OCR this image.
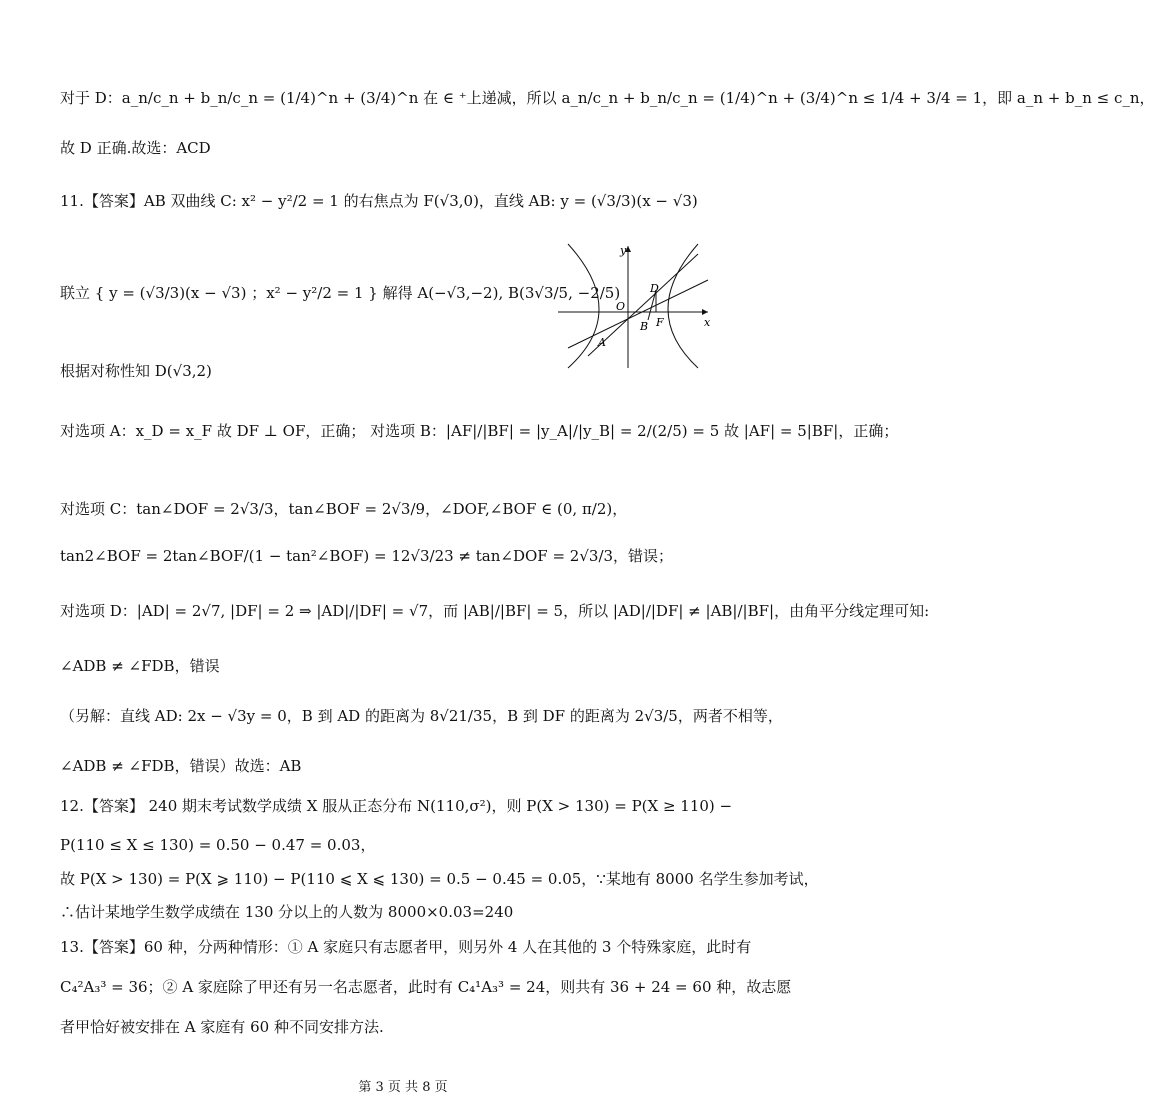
对于 D：a_n/c_n + b_n/c_n = (1/4)^n + (3/4)^n 在 ∈ ⁺上递减，所以 a_n/c_n + b_n/c_n = (1/4)^n + (3/4)^n ≤ 1/4 + 3/4 = 1，即 a_n + b_n ≤ c_n，
故 D 正确.故选：ACD
11.【答案】AB 双曲线 C: x² − y²/2 = 1 的右焦点为 F(√3,0)，直线 AB: y = (√3/3)(x − √3)
联立 { y = (√3/3)(x − √3) ；x² − y²/2 = 1 } 解得 A(−√3,−2), B(3√3/5, −2/5)
根据对称性知 D(√3,2)
对选项 A：x_D = x_F 故 DF ⊥ OF，正确； 对选项 B：|AF|/|BF| = |y_A|/|y_B| = 2/(2/5) = 5 故 |AF| = 5|BF|，正确；
对选项 C：tan∠DOF = 2√3/3，tan∠BOF = 2√3/9，∠DOF,∠BOF ∈ (0, π/2)，
tan2∠BOF = 2tan∠BOF/(1 − tan²∠BOF) = 12√3/23 ≠ tan∠DOF = 2√3/3，错误；
对选项 D：|AD| = 2√7, |DF| = 2 ⇒ |AD|/|DF| = √7，而 |AB|/|BF| = 5，所以 |AD|/|DF| ≠ |AB|/|BF|，由角平分线定理可知:
∠ADB ≠ ∠FDB，错误
（另解：直线 AD: 2x − √3y = 0，B 到 AD 的距离为 8√21/35，B 到 DF 的距离为 2√3/5，两者不相等，
∠ADB ≠ ∠FDB，错误）故选：AB
12.【答案】 240 期末考试数学成绩 X 服从正态分布 N(110,σ²)，则 P(X > 130) = P(X ≥ 110) −
P(110 ≤ X ≤ 130) = 0.50 − 0.47 = 0.03，
故 P(X > 130) = P(X ⩾ 110) − P(110 ⩽ X ⩽ 130) = 0.5 − 0.45 = 0.05，∵某地有 8000 名学生参加考试，
∴估计某地学生数学成绩在 130 分以上的人数为 8000×0.03=240
13.【答案】60 种，分两种情形：① A 家庭只有志愿者甲，则另外 4 人在其他的 3 个特殊家庭，此时有
C₄²A₃³ = 36；② A 家庭除了甲还有另一名志愿者，此时有 C₄¹A₃³ = 24，则共有 36 + 24 = 60 种，故志愿
者甲恰好被安排在 A 家庭有 60 种不同安排方法.
y
x
O
A
B
D
F
第 3 页 共 8 页
